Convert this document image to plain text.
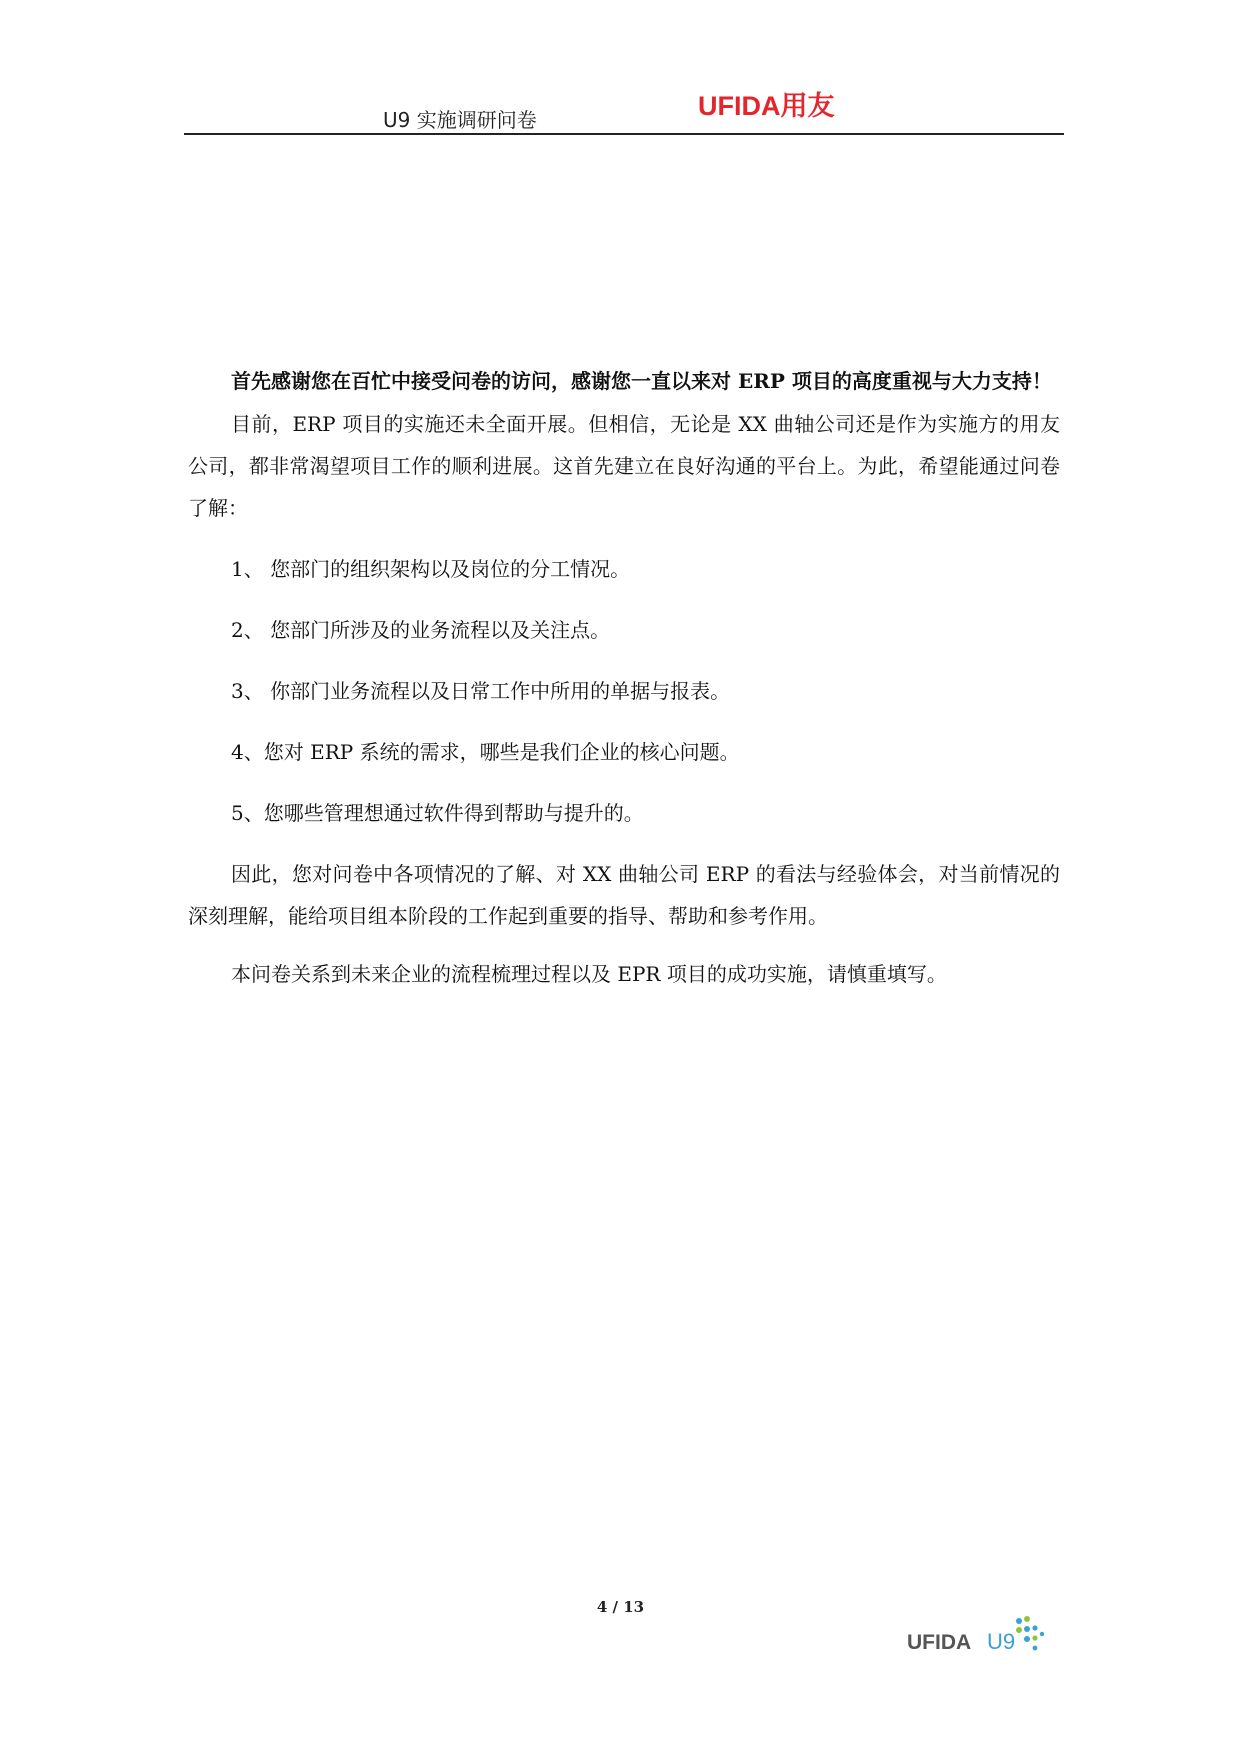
U9 实施调研问卷	UFIDA用友

首先感谢您在百忙中接受问卷的访问，感谢您一直以来对 ERP 项目的高度重视与大力支持！

目前，ERP 项目的实施还未全面开展。但相信，无论是 XX 曲轴公司还是作为实施方的用友公司，都非常渴望项目工作的顺利进展。这首先建立在良好沟通的平台上。为此，希望能通过问卷了解：

1、 您部门的组织架构以及岗位的分工情况。
2、 您部门所涉及的业务流程以及关注点。
3、 你部门业务流程以及日常工作中所用的单据与报表。
4、您对 ERP 系统的需求，哪些是我们企业的核心问题。
5、您哪些管理想通过软件得到帮助与提升的。

因此，您对问卷中各项情况的了解、对 XX 曲轴公司 ERP 的看法与经验体会，对当前情况的深刻理解，能给项目组本阶段的工作起到重要的指导、帮助和参考作用。

本问卷关系到未来企业的流程梳理过程以及 EPR 项目的成功实施，请慎重填写。

4 / 13
UFIDA U9
